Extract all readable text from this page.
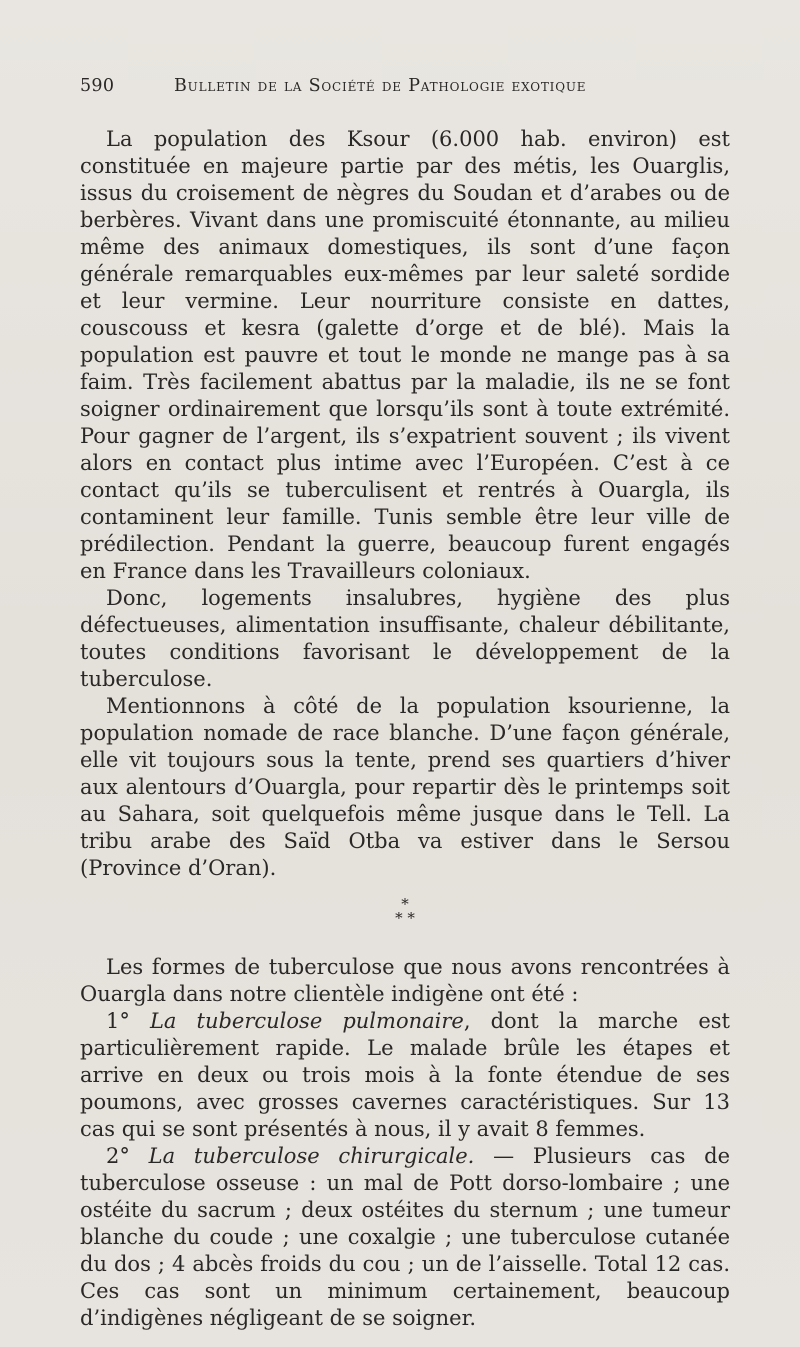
590	Bulletin de la Société de Pathologie exotique

La population des Ksour (6.000 hab. environ) est constituée en majeure partie par des métis, les Ouarglis, issus du croisement de nègres du Soudan et d’arabes ou de berbères. Vivant dans une promiscuité étonnante, au milieu même des animaux domestiques, ils sont d’une façon générale remarquables eux-mêmes par leur saleté sordide et leur vermine. Leur nourriture consiste en dattes, couscouss et kesra (galette d’orge et de blé). Mais la population est pauvre et tout le monde ne mange pas à sa faim. Très facilement abattus par la maladie, ils ne se font soigner ordinairement que lorsqu’ils sont à toute extrémité. Pour gagner de l’argent, ils s’expatrient souvent ; ils vivent alors en contact plus intime avec l’Européen. C’est à ce contact qu’ils se tuberculisent et rentrés à Ouargla, ils contaminent leur famille. Tunis semble être leur ville de prédilection. Pendant la guerre, beaucoup furent engagés en France dans les Travailleurs coloniaux.

Donc, logements insalubres, hygiène des plus défectueuses, alimentation insuffisante, chaleur débilitante, toutes conditions favorisant le développement de la tuberculose.

Mentionnons à côté de la population ksourienne, la population nomade de race blanche. D’une façon générale, elle vit toujours sous la tente, prend ses quartiers d’hiver aux alentours d’Ouargla, pour repartir dès le printemps soit au Sahara, soit quelquefois même jusque dans le Tell. La tribu arabe des Saïd Otba va estiver dans le Sersou (Province d’Oran).

*
* *

Les formes de tuberculose que nous avons rencontrées à Ouargla dans notre clientèle indigène ont été :

1° La tuberculose pulmonaire, dont la marche est particulièrement rapide. Le malade brûle les étapes et arrive en deux ou trois mois à la fonte étendue de ses poumons, avec grosses cavernes caractéristiques. Sur 13 cas qui se sont présentés à nous, il y avait 8 femmes.

2° La tuberculose chirurgicale. — Plusieurs cas de tuberculose osseuse : un mal de Pott dorso-lombaire ; une ostéite du sacrum ; deux ostéites du sternum ; une tumeur blanche du coude ; une coxalgie ; une tuberculose cutanée du dos ; 4 abcès froids du cou ; un de l’aisselle. Total 12 cas. Ces cas sont un minimum certainement, beaucoup d’indigènes négligeant de se soigner.
